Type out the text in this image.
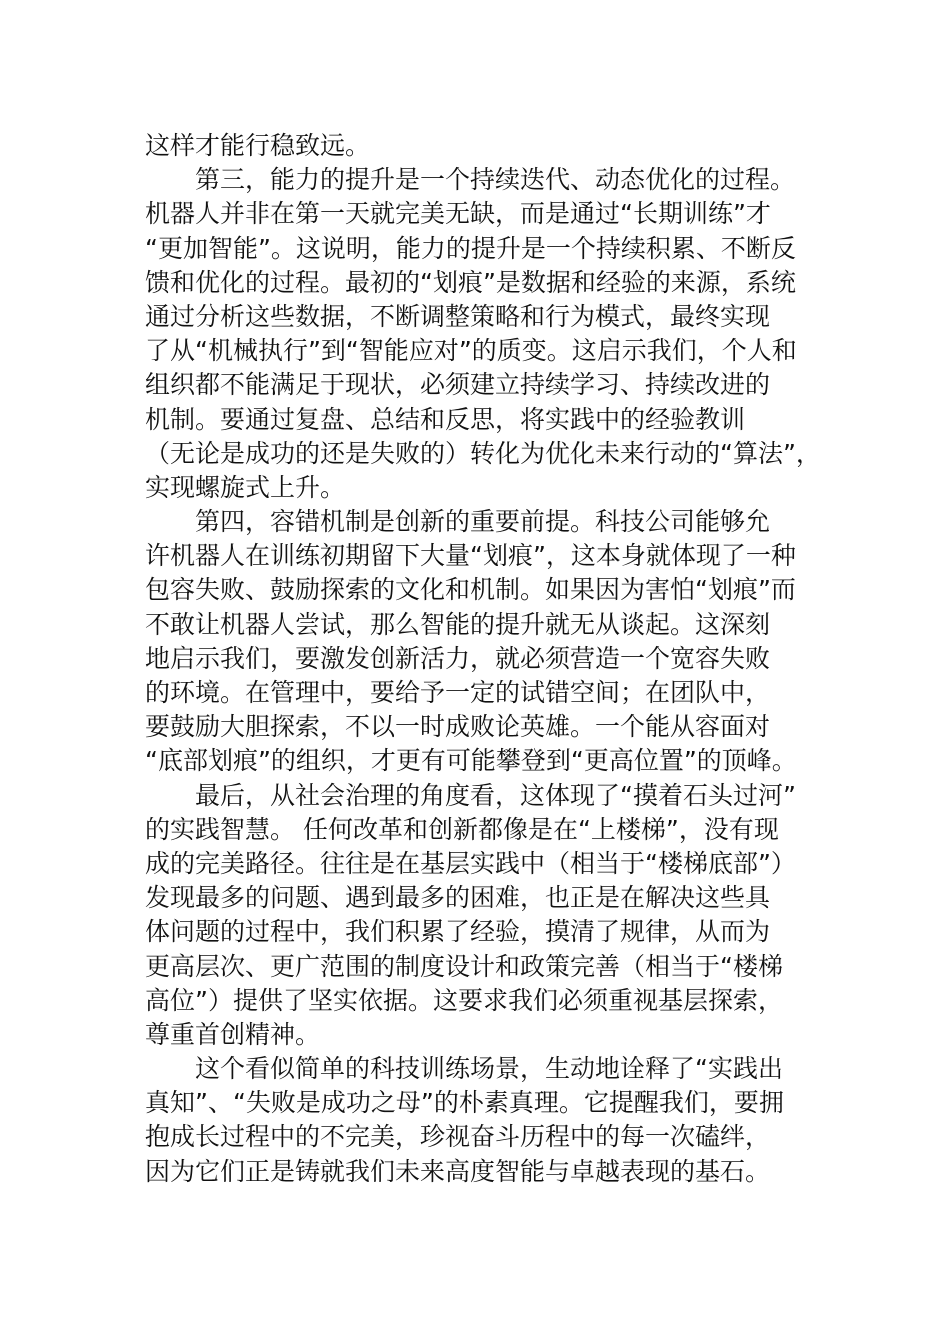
这样才能行稳致远。
第三，能力的提升是一个持续迭代、动态优化的过程。
机器人并非在第一天就完美无缺，而是通过“长期训练”才
“更加智能”。这说明，能力的提升是一个持续积累、不断反
馈和优化的过程。最初的“划痕”是数据和经验的来源，系统
通过分析这些数据，不断调整策略和行为模式，最终实现
了从“机械执行”到“智能应对”的质变。这启示我们，个人和
组织都不能满足于现状，必须建立持续学习、持续改进的
机制。要通过复盘、总结和反思，将实践中的经验教训
（无论是成功的还是失败的）转化为优化未来行动的“算法”，
实现螺旋式上升。
第四，容错机制是创新的重要前提。科技公司能够允
许机器人在训练初期留下大量“划痕”，这本身就体现了一种
包容失败、鼓励探索的文化和机制。如果因为害怕“划痕”而
不敢让机器人尝试，那么智能的提升就无从谈起。这深刻
地启示我们，要激发创新活力，就必须营造一个宽容失败
的环境。在管理中，要给予一定的试错空间；在团队中，
要鼓励大胆探索，不以一时成败论英雄。一个能从容面对
“底部划痕”的组织，才更有可能攀登到“更高位置”的顶峰。
最后，从社会治理的角度看，这体现了“摸着石头过河”
的实践智慧。 任何改革和创新都像是在“上楼梯”，没有现
成的完美路径。往往是在基层实践中（相当于“楼梯底部”）
发现最多的问题、遇到最多的困难，也正是在解决这些具
体问题的过程中，我们积累了经验，摸清了规律，从而为
更高层次、更广范围的制度设计和政策完善（相当于“楼梯
高位”）提供了坚实依据。这要求我们必须重视基层探索，
尊重首创精神。
这个看似简单的科技训练场景，生动地诠释了“实践出
真知”、“失败是成功之母”的朴素真理。它提醒我们，要拥
抱成长过程中的不完美，珍视奋斗历程中的每一次磕绊，
因为它们正是铸就我们未来高度智能与卓越表现的基石。
